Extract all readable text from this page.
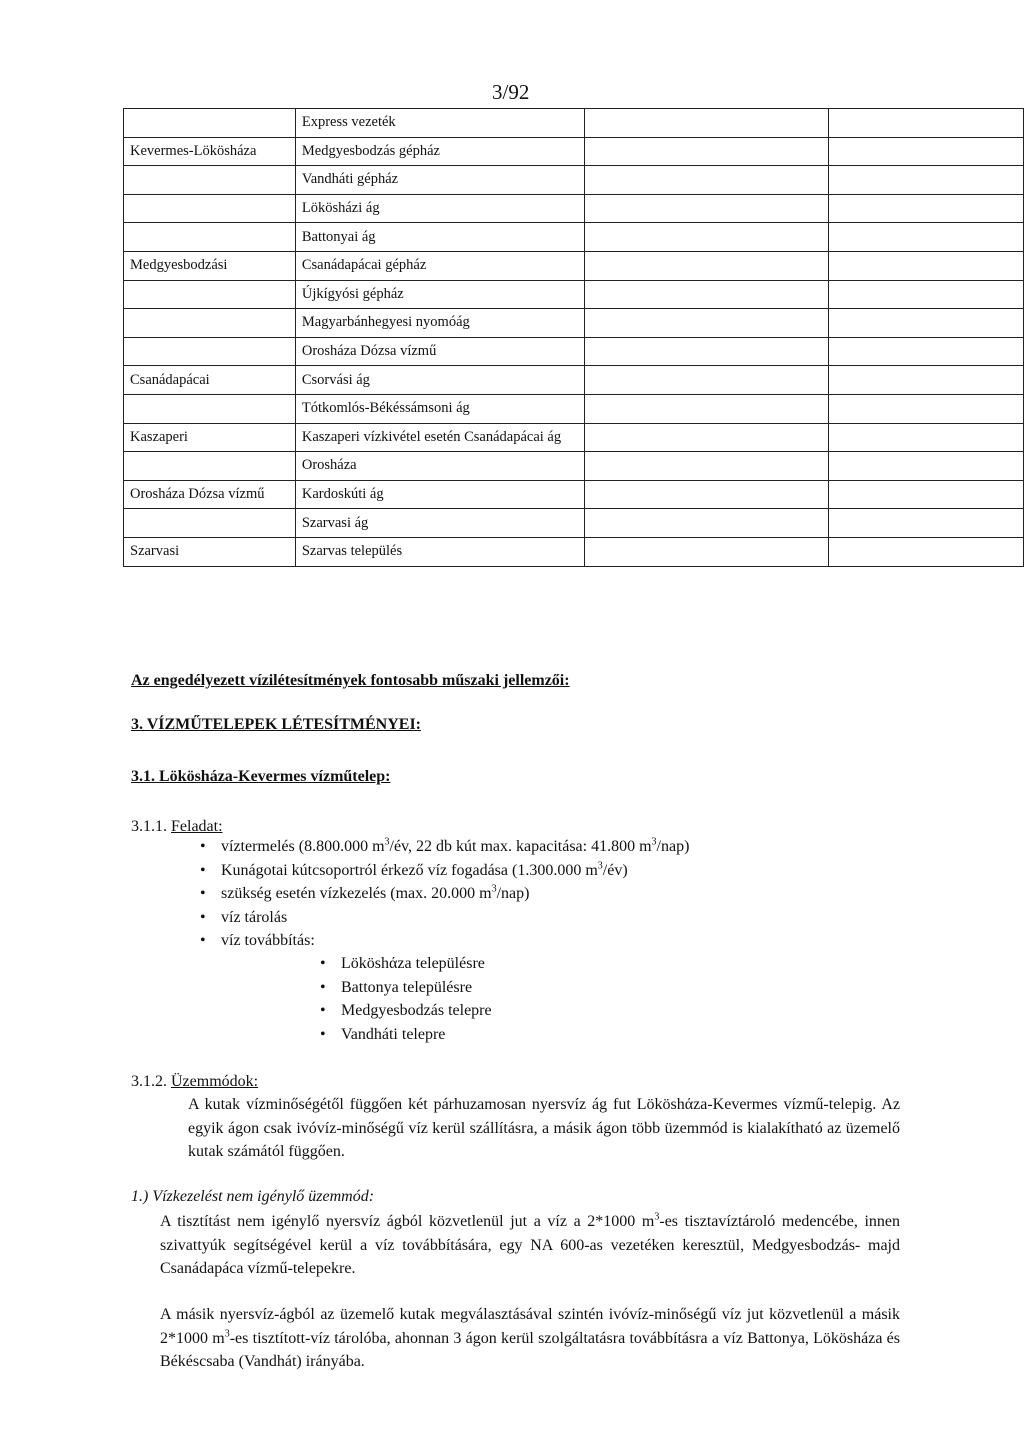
3/92
	Express vezeték		
Kevermes-Lökösháza	Medgyesbodzás gépház		
	Vandháti gépház		
	Lökösházi ág		
	Battonyai ág		
Medgyesbodzási	Csanádapácai gépház		
	Újkígyósi gépház		
	Magyarbánhegyesi nyomóág		
	Orosháza Dózsa vízmű		
Csanádapácai	Csorvási ág		
	Tótkomlós-Békéssámsoni ág		
Kaszaperi	Kaszaperi vízkivétel esetén Csanádapácai ág		
	Orosháza		
Orosháza Dózsa vízmű	Kardoskúti ág		
	Szarvasi ág		
Szarvasi	Szarvas település		
Az engedélyezett vízilétesítmények fontosabb műszaki jellemzői:
3. VÍZMŰTELEPEK LÉTESÍTMÉNYEI:
3.1. Lökösháza-Kevermes vízműtelep:
3.1.1. Feladat:
• víztermelés (8.800.000 $m^3/év$, 22 db kút max. kapacitása: 41.800 $m^3/nap$)
• Kunágotai kútcsoportról érkező víz fogadása (1.300.000 $m^3/év$)
• szükség esetén vízkezelés (max. 20.000 $m^3/nap$)
• víz tárolás
• víz továbbítás:
• Lököshάza településre
• Battonya településre
• Medgyesbodzás telepre
• Vandháti telepre
3.1.2. Üzemmódok:
A kutak vízminőségétől függően két párhuzamosan nyersvíz ág fut Lököshάza-Kevermes vízmű-telepig. Az egyik ágon csak ivóvíz-minőségű víz kerül szállításra, a másik ágon több üzemmód is kialakítható az üzemelő kutak számától függően.
1.) Vízkezelést nem igénylő üzemmód:
A tisztítást nem igénylő nyersvíz ágból közvetlenül jut a víz a 2*1000 $m^3-es$ tisztavíztároló medencébe, innen szivattyúk segítségével kerül a víz továbbítására, egy NA 600-as vezetéken keresztül, Medgyesbodzás- majd Csanádapáca vízmű-telepekre.
A másik nyersvíz-ágból az üzemelő kutak megválasztásával szintén ivóvíz-minőségű víz jut közvetlenül a másik 2*1000 $m^3-es$ tisztított-víz tárolóba, ahonnan 3 ágon kerül szolgáltatásra továbbításra a víz Battonya, Lökösháza és Békéscsaba (Vandhát) irányába.
